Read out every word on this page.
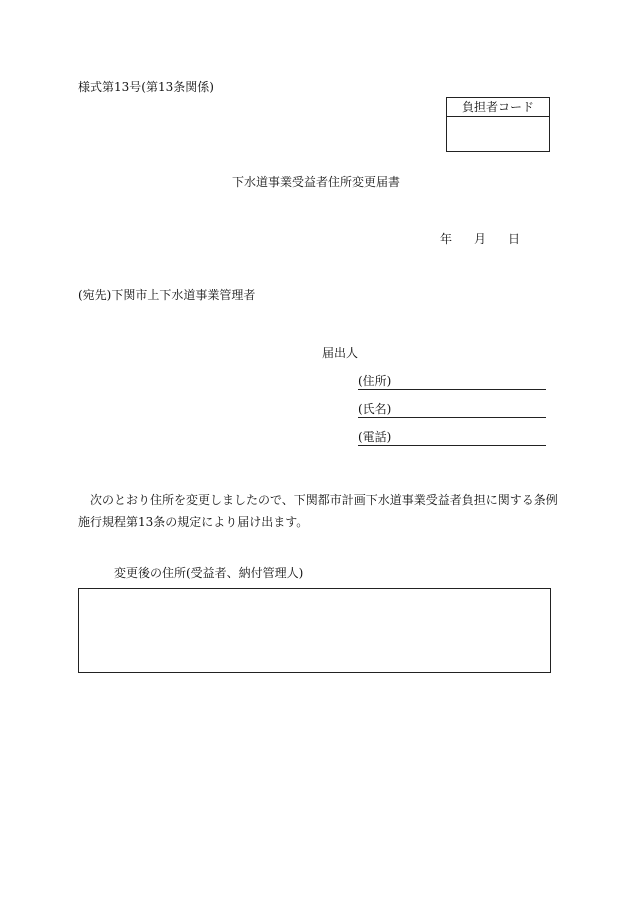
様式第13号(第13条関係)
負担者コード
下水道事業受益者住所変更届書
年 月 日
(宛先)下関市上下水道事業管理者
届出人
(住所)
(氏名)
(電話)

次のとおり住所を変更しましたので、下関都市計画下水道事業受益者負担に関する条例

施行規程第13条の規定により届け出ます。

変更後の住所(受益者、納付管理人)
